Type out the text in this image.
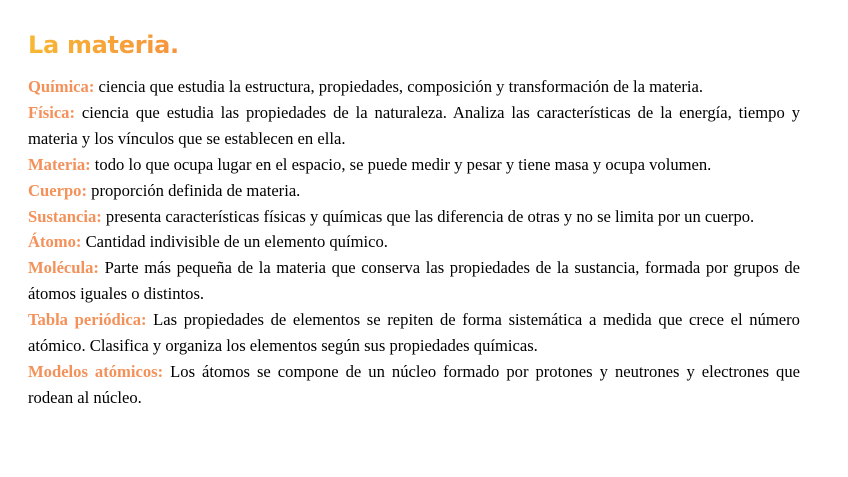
La materia.

Química: ciencia que estudia la estructura, propiedades, composición y transformación de la materia.

Física: ciencia que estudia las propiedades de la naturaleza. Analiza las características de la energía, tiempo y materia y los vínculos que se establecen en ella.

Materia: todo lo que ocupa lugar en el espacio, se puede medir y pesar y tiene masa y ocupa volumen.

Cuerpo: proporción definida de materia.

Sustancia: presenta características físicas y químicas que las diferencia de otras y no se limita por un cuerpo.

Átomo: Cantidad indivisible de un elemento químico.

Molécula: Parte más pequeña de la materia que conserva las propiedades de la sustancia, formada por grupos de átomos iguales o distintos.

Tabla periódica: Las propiedades de elementos se repiten de forma sistemática a medida que crece el número atómico. Clasifica y organiza los elementos según sus propiedades químicas.

Modelos atómicos: Los átomos se compone de un núcleo formado por protones y neutrones y electrones que rodean al núcleo.
